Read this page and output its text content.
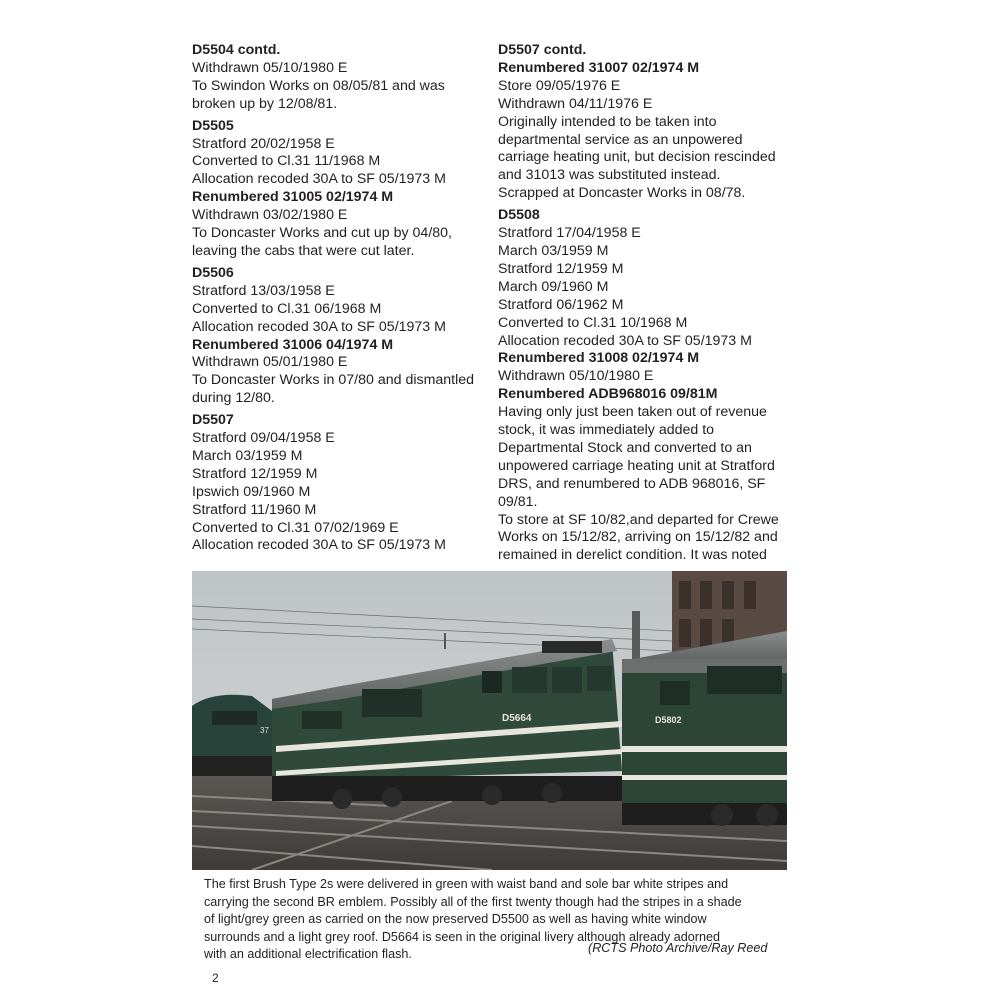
D5504 contd.
Withdrawn 05/10/1980 E
To Swindon Works on 08/05/81 and was
broken up by 12/08/81.
D5505
Stratford 20/02/1958 E
Converted to Cl.31 11/1968 M
Allocation recoded 30A to SF 05/1973 M
Renumbered 31005 02/1974 M
Withdrawn 03/02/1980 E
To Doncaster Works and cut up by 04/80,
leaving the cabs that were cut later.
D5506
Stratford 13/03/1958 E
Converted to Cl.31 06/1968 M
Allocation recoded 30A to SF 05/1973 M
Renumbered 31006 04/1974 M
Withdrawn 05/01/1980 E
To Doncaster Works in 07/80 and dismantled
during 12/80.
D5507
Stratford 09/04/1958 E
March 03/1959 M
Stratford 12/1959 M
Ipswich 09/1960 M
Stratford 11/1960 M
Converted to Cl.31 07/02/1969 E
Allocation recoded 30A to SF 05/1973 M
D5507 contd.
Renumbered 31007 02/1974 M
Store 09/05/1976 E
Withdrawn 04/11/1976 E
Originally intended to be taken into
departmental service as an unpowered
carriage heating unit, but decision rescinded
and 31013 was substituted instead.
Scrapped at Doncaster Works in 08/78.
D5508
Stratford 17/04/1958 E
March 03/1959 M
Stratford 12/1959 M
March 09/1960 M
Stratford 06/1962 M
Converted to Cl.31 10/1968 M
Allocation recoded 30A to SF 05/1973 M
Renumbered 31008 02/1974 M
Withdrawn 05/10/1980 E
Renumbered ADB968016 09/81M
Having only just been taken out of revenue
stock, it was immediately added to
Departmental Stock and converted to an
unpowered carriage heating unit at Stratford
DRS, and renumbered to ADB 968016, SF
09/81.
To store at SF 10/82,and departed for Crewe
Works on 15/12/82, arriving on 15/12/82 and
remained in derelict condition. It was noted
37
D5664	D5802
The first Brush Type 2s were delivered in green with waist band and sole bar white stripes and
carrying the second BR emblem. Possibly all of the first twenty though had the stripes in a shade
of light/grey green as carried on the now preserved D5500 as well as having white window
surrounds and a light grey roof. D5664 is seen in the original livery although already adorned
with an additional electrification flash.	(RCTS Photo Archive/Ray Reed
2
